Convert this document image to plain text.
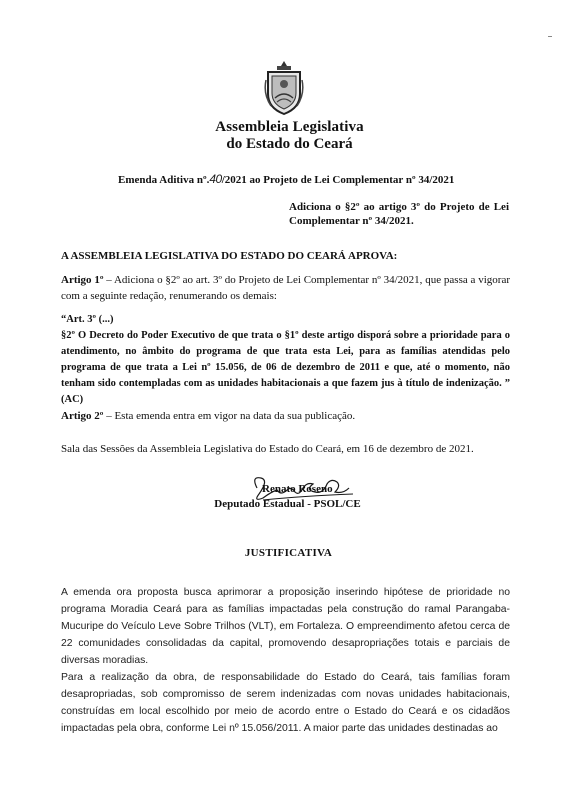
Assembleia Legislativa
do Estado do Ceará
Emenda Aditiva nº.40/2021 ao Projeto de Lei Complementar nº 34/2021
Adiciona o §2º ao artigo 3º do Projeto de Lei Complementar nº 34/2021.
A ASSEMBLEIA LEGISLATIVA DO ESTADO DO CEARÁ APROVA:
Artigo 1º – Adiciona o §2º ao art. 3º do Projeto de Lei Complementar nº 34/2021, que passa a vigorar com a seguinte redação, renumerando os demais:
“Art. 3º (...)
§2º O Decreto do Poder Executivo de que trata o §1º deste artigo disporá sobre a prioridade para o atendimento, no âmbito do programa de que trata esta Lei, para as famílias atendidas pelo programa de que trata a Lei nº 15.056, de 06 de dezembro de 2011 e que, até o momento, não tenham sido contempladas com as unidades habitacionais a que fazem jus à título de indenização. ” (AC)
Artigo 2º – Esta emenda entra em vigor na data da sua publicação.
Sala das Sessões da Assembleia Legislativa do Estado do Ceará, em 16 de dezembro de 2021.
Renato Roseno
Deputado Estadual - PSOL/CE
JUSTIFICATIVA
A emenda ora proposta busca aprimorar a proposição inserindo hipótese de prioridade no programa Moradia Ceará para as famílias impactadas pela construção do ramal Parangaba-Mucuripe do Veículo Leve Sobre Trilhos (VLT), em Fortaleza. O empreendimento afetou cerca de 22 comunidades consolidadas da capital, promovendo desapropriações totais e parciais de diversas moradias.
Para a realização da obra, de responsabilidade do Estado do Ceará, tais famílias foram desapropriadas, sob compromisso de serem indenizadas com novas unidades habitacionais, construídas em local escolhido por meio de acordo entre o Estado do Ceará e os cidadãos impactadas pela obra, conforme Lei nº 15.056/2011. A maior parte das unidades destinadas ao
